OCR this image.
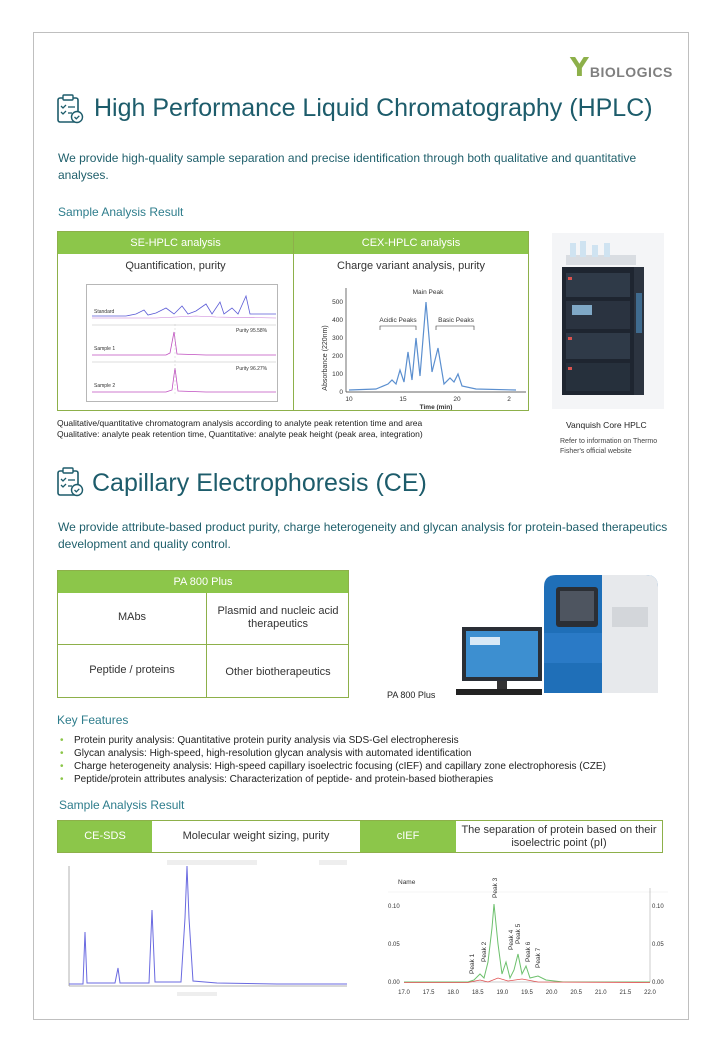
Y BIOLOGICS
High Performance Liquid Chromatography (HPLC)
We provide high-quality sample separation and precise identification through both qualitative and quantitative analyses.
Sample Analysis Result
SE-HPLC analysis	CEX-HPLC analysis
Quantification, purity	Charge variant analysis, purity
Standard
Sample 1
Sample 2
Purity 95.58%
Purity 96.27%	Absorbance (220nm)
500
400
300
200
100
0
10	15	20	2
Time (min)
Main Peak
Acidic Peaks	Basic Peaks
Qualitative/quantitative chromatogram analysis according to analyte peak retention time and area
Qualitative: analyte peak retention time, Quantitative: analyte peak height (peak area, integration)
Vanquish Core HPLC
Refer to information on Thermo Fisher's official website
Capillary Electrophoresis (CE)
We provide attribute-based product purity, charge heterogeneity and glycan analysis for protein-based therapeutics development and quality control.
PA 800 Plus
MAbs	Plasmid and nucleic acid therapeutics
Peptide / proteins	Other biotherapeutics
PA 800 Plus
Key Features
• Protein purity analysis: Quantitative protein purity analysis via SDS-Gel electropheresis
• Glycan analysis: High-speed, high-resolution glycan analysis with automated identification
• Charge heterogeneity analysis: High-speed capillary isoelectric focusing (cIEF) and capillary zone electrophoresis (CZE)
• Peptide/protein attributes analysis: Characterization of peptide- and protein-based biotherapies
Sample Analysis Result
CE-SDS	Molecular weight sizing, purity	cIEF	The separation of protein based on their isoelectric point (pI)
Name
0.10
0.05
0.00
0.10
0.05
0.00
Peak 1
Peak 2
Peak 3
Peak 4 Peak 5
Peak 6 Peak 7
17.0 17.5 18.0 18.5 19.0 19.5 20.0 20.5 21.0 21.5 22.0
